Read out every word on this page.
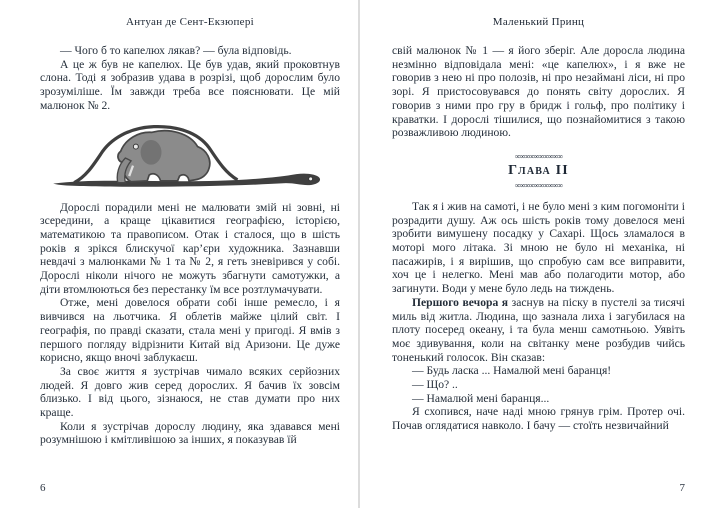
Антуан де Сент-Екзюпері

— Чого б то капелюх лякав? — була відповідь.

А це ж був не капелюх. Це був удав, який проковтнув слона. Тоді я зобразив удава в розрізі, щоб дорослим було зрозуміліше. Їм завжди треба все пояснювати. Це мій малюнок № 2.

Дорослі порадили мені не малювати змій ні зовні, ні зсередини, а краще цікавитися географією, історією, математикою та правописом. Отак і сталося, що в шість років я зрікся блискучої кар’єри художника. Зазнавши невдачі з малюнками № 1 та № 2, я геть зневірився у собі. Дорослі ніколи нічого не можуть збагнути самотужки, а діти втомлюються без перестанку їм все розтлумачувати.

Отже, мені довелося обрати собі інше ремесло, і я вивчився на льотчика. Я облетів майже цілий світ. І географія, по правді сказати, стала мені у пригоді. Я вмів з першого погляду відрізнити Китай від Аризони. Це дуже корисно, якщо вночі заблукаєш.

За своє життя я зустрічав чимало всяких серйозних людей. Я довго жив серед дорослих. Я бачив їх зовсім близько. І від цього, зізнаюся, не став думати про них краще.

Коли я зустрічав дорослу людину, яка здавався мені розумнішою і кмітливішою за інших, я показував їй

Маленький Принц

свій малюнок № 1 — я його зберіг. Але доросла людина незмінно відповідала мені: «це капелюх», і я вже не говорив з нею ні про полозів, ні про незаймані ліси, ні про зорі. Я пристосовувався до понять світу дорослих. Я говорив з ними про гру в бридж і гольф, про політику і краватки. І дорослі тішилися, що познайомитися з такою розважливою людиною.

∞∞∞∞∞∞∞∞∞∞
Глава II
∞∞∞∞∞∞∞∞∞∞

Так я і жив на самоті, і не було мені з ким погомоніти і розрадити душу. Аж ось шість років тому довелося мені зробити вимушену посадку у Сахарі. Щось зламалося в моторі мого літака. Зі мною не було ні механіка, ні пасажирів, і я вирішив, що спробую сам все виправити, хоч це і нелегко. Мені мав або полагодити мотор, або загинути. Води у мене було ледь на тиждень.

Першого вечора я заснув на піску в пустелі за тисячі миль від житла. Людина, що зазнала лиха і загубилася на плоту посеред океану, і та була менш самотньою. Уявіть моє здивування, коли на світанку мене розбудив чийсь тоненький голосок. Він сказав:

— Будь ласка ... Намалюй мені баранця!

— Що? ..

— Намалюй мені баранця...

Я схопився, наче наді мною грянув грім. Протер очі. Почав оглядатися навколо. І бачу — стоїть незвичайний

6	7
